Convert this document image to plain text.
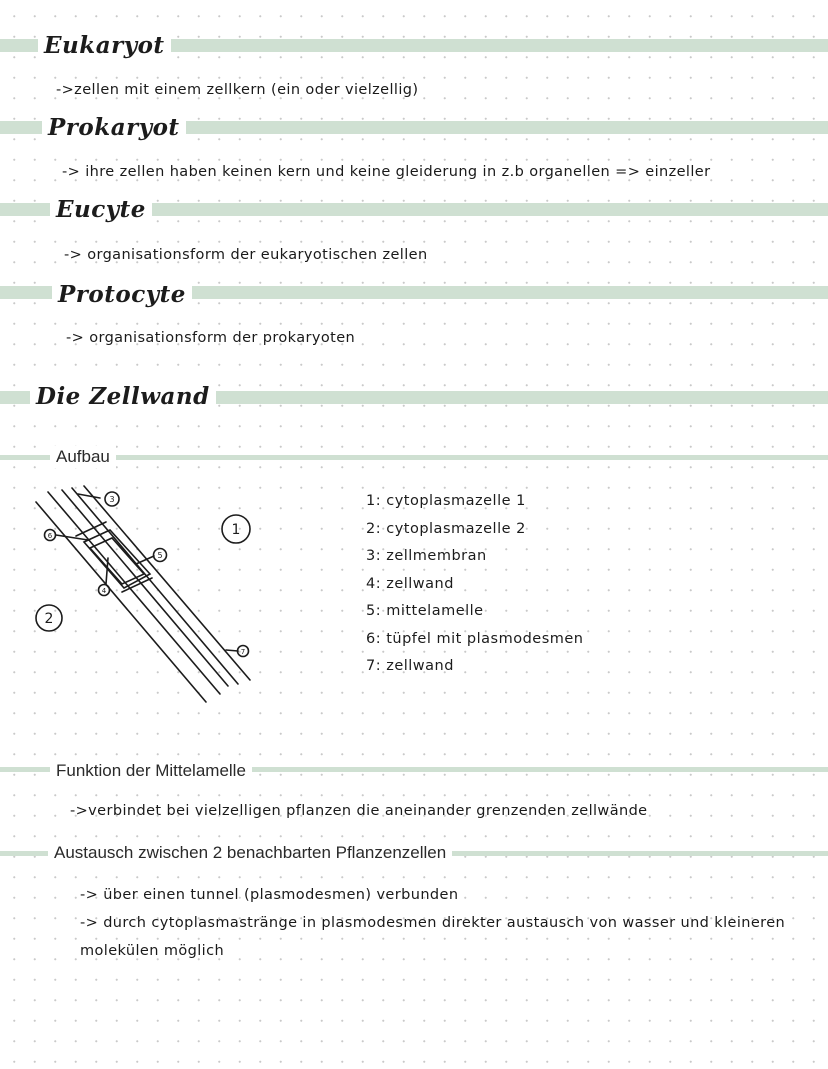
Eukaryot
->zellen mit einem zellkern (ein oder vielzellig)
Prokaryot
-> ihre zellen haben keinen kern und keine gleiderung in z.b organellen => einzeller
Eucyte
-> organisationsform der eukaryotischen zellen
Protocyte
-> organisationsform der prokaryoten
Die Zellwand
Aufbau
3
6
5
4
7
1
2
1: cytoplasmazelle 1
2: cytoplasmazelle 2
3: zellmembran
4: zellwand
5: mittelamelle
6: tüpfel mit plasmodesmen
7: zellwand
Funktion der Mittelamelle
->verbindet bei vielzelligen pflanzen die aneinander grenzenden zellwände
Austausch zwischen 2 benachbarten Pflanzenzellen
-> über einen tunnel (plasmodesmen) verbunden
-> durch cytoplasmastränge in plasmodesmen direkter austausch von wasser und kleineren
molekülen möglich
